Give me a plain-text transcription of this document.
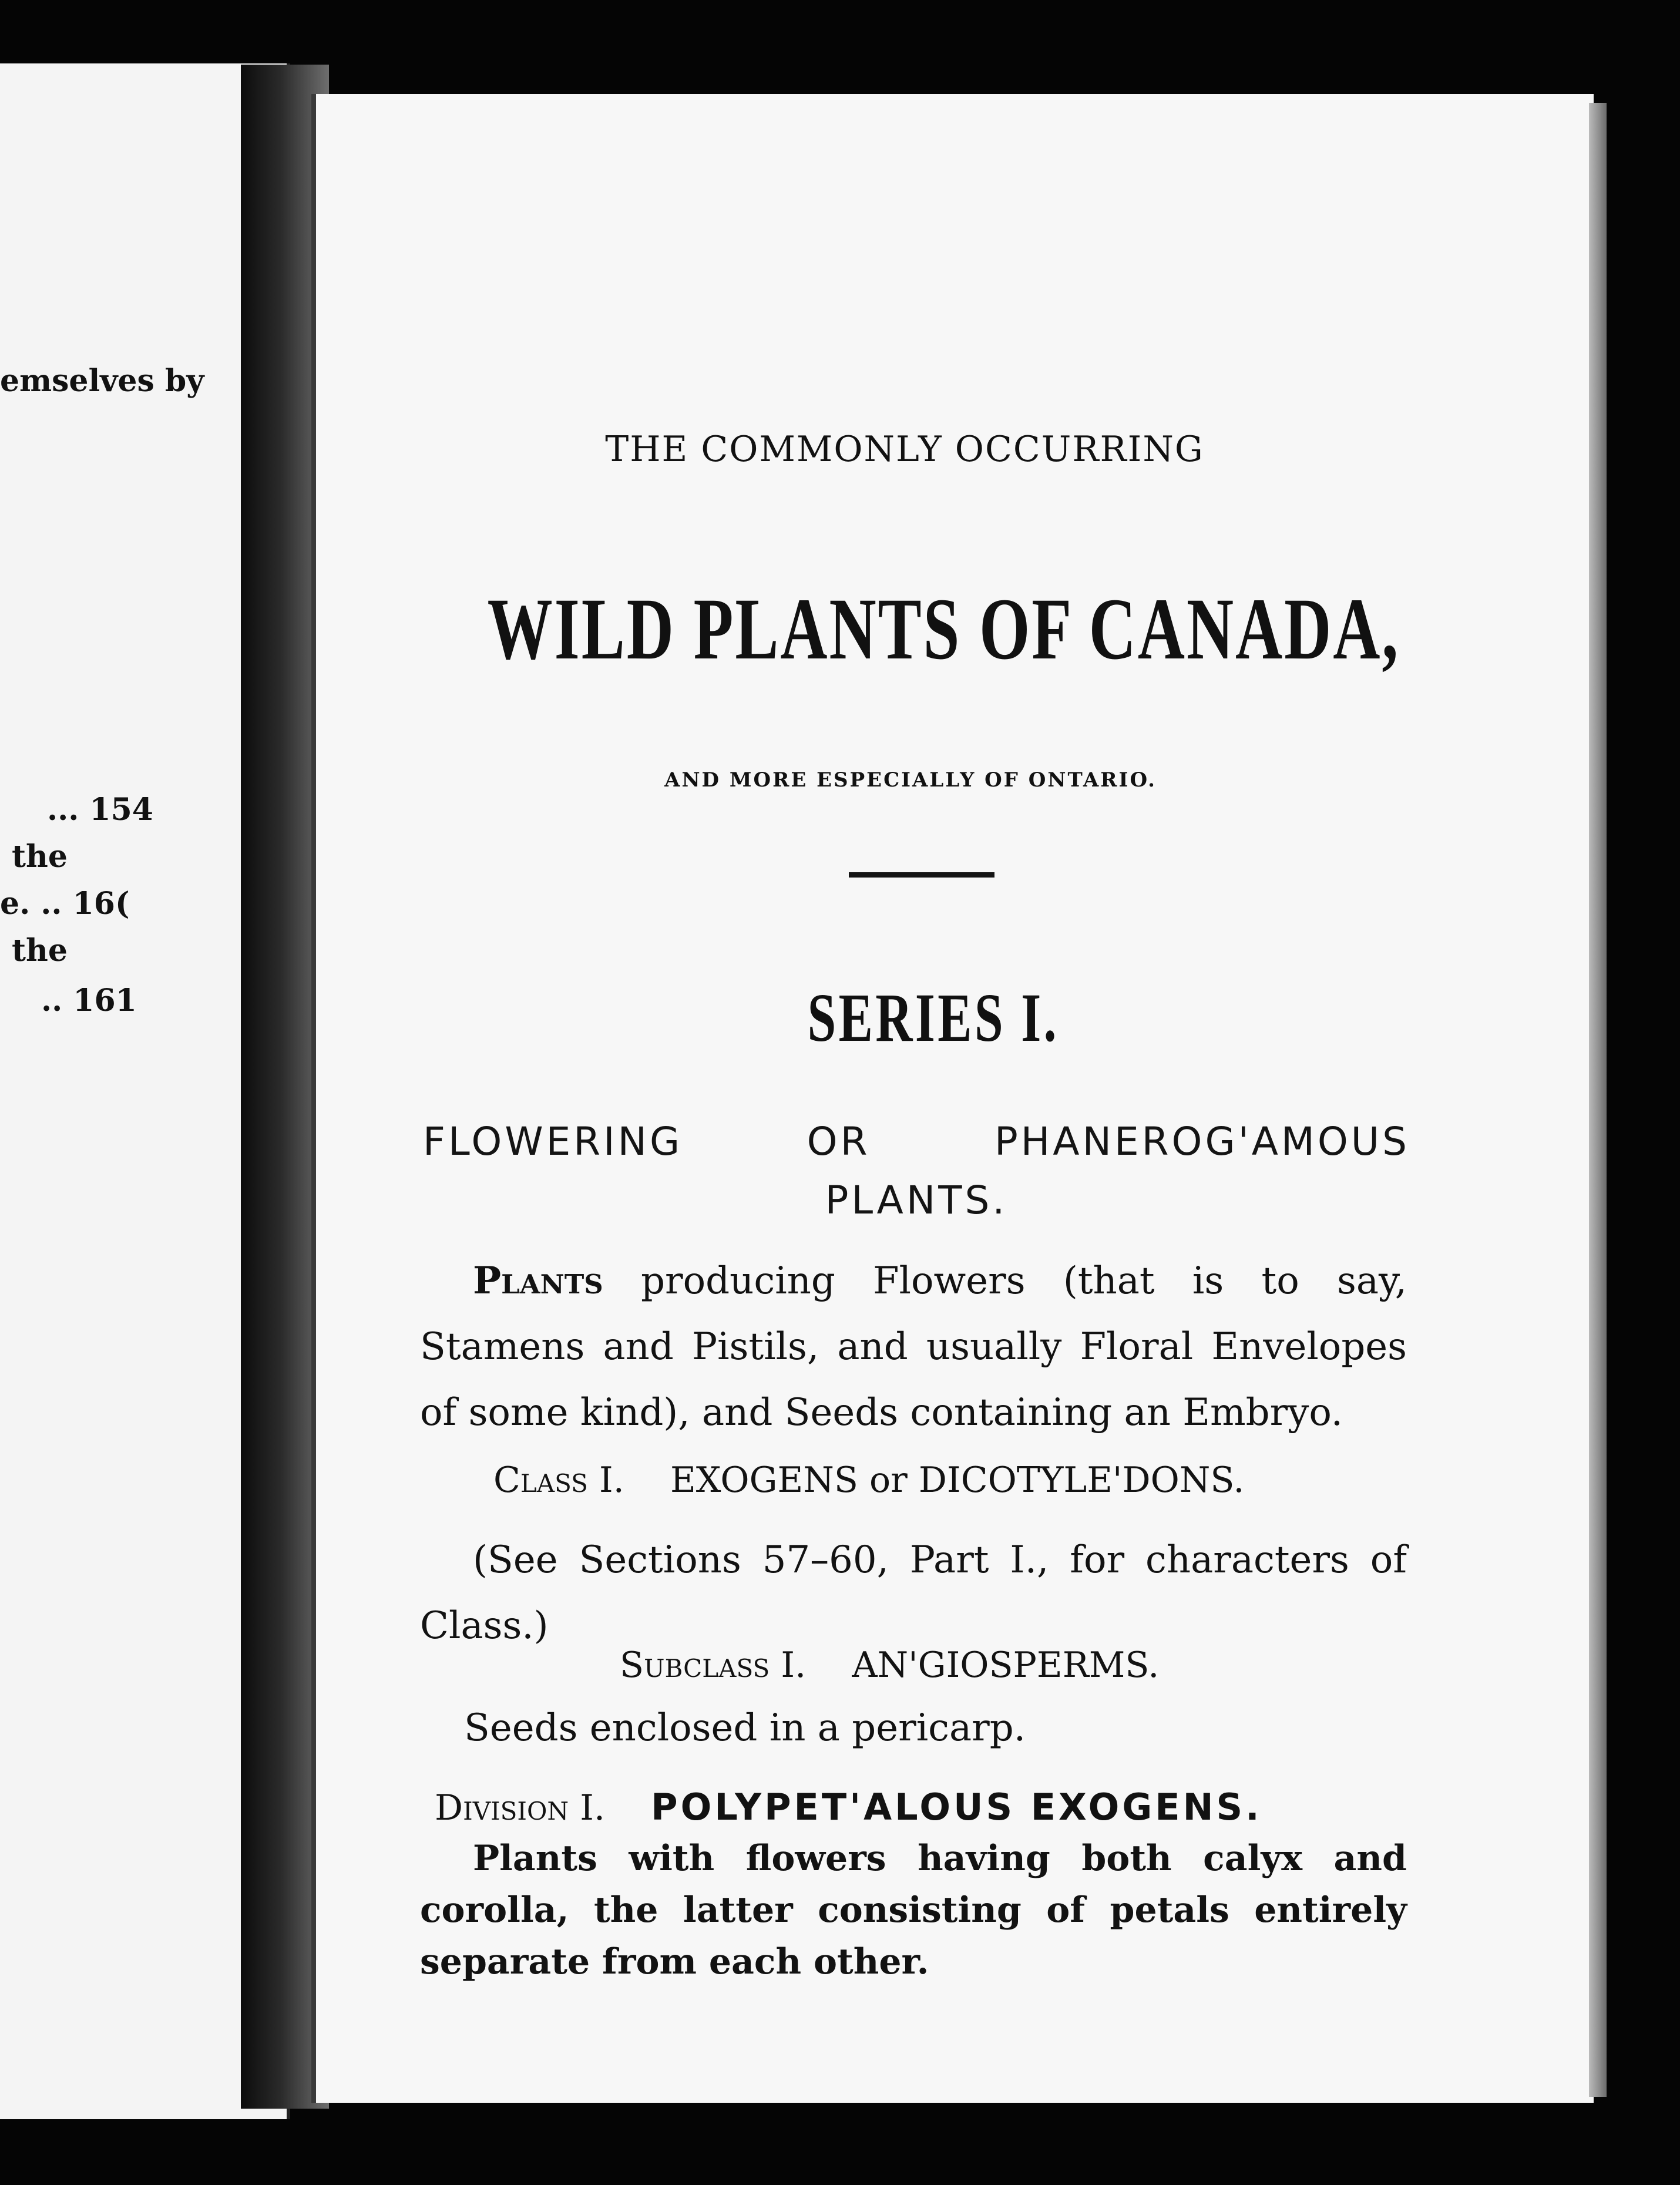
emselves by
... 154
the
e. .. 16(
the
.. 161
THE COMMONLY OCCURRING
WILD PLANTS OF CANADA,
AND MORE ESPECIALLY OF ONTARIO.
SERIES I.
FLOWERING OR PHANEROG'AMOUS
PLANTS.
Plants producing Flowers (that is to say, Stamens and Pistils, and usually Floral Envelopes of some kind), and Seeds containing an Embryo.
Class I. EXOGENS or DICOTYLE'DONS.
(See Sections 57–60, Part I., for characters of Class.)
Subclass I. AN'GIOSPERMS.
Seeds enclosed in a pericarp.
Division I. POLYPET'ALOUS EXOGENS.
Plants with flowers having both calyx and corolla, the latter consisting of petals entirely separate from each other.
